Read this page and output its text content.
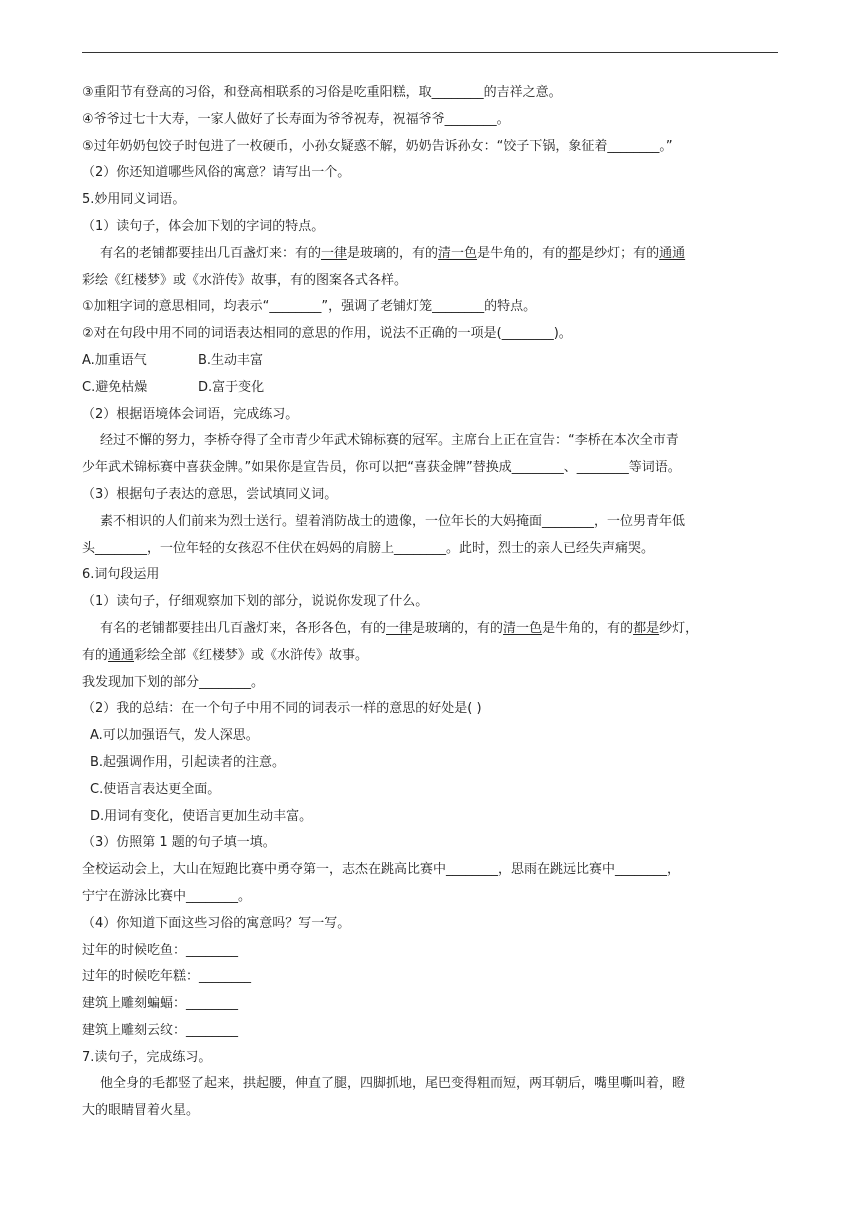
③重阳节有登高的习俗，和登高相联系的习俗是吃重阳糕，取________的吉祥之意。
④爷爷过七十大寿，一家人做好了长寿面为爷爷祝寿，祝福爷爷________。
⑤过年奶奶包饺子时包进了一枚硬币，小孙女疑惑不解，奶奶告诉孙女：“饺子下锅，象征着________。”
（2）你还知道哪些风俗的寓意？请写出一个。
5.妙用同义词语。
（1）读句子，体会加下划的字词的特点。
有名的老铺都要挂出几百盏灯来：有的一律是玻璃的，有的清一色是牛角的，有的都是纱灯；有的通通
彩绘《红楼梦》或《水浒传》故事，有的图案各式各样。
①加粗字词的意思相同，均表示“________”，强调了老铺灯笼________的特点。
②对在句段中用不同的词语表达相同的意思的作用，说法不正确的一项是(________)。
A.加重语气	B.生动丰富
C.避免枯燥	D.富于变化
（2）根据语境体会词语，完成练习。
经过不懈的努力，李桥夺得了全市青少年武术锦标赛的冠军。主席台上正在宣告：“李桥在本次全市青
少年武术锦标赛中喜获金牌。”如果你是宣告员，你可以把“喜获金牌”替换成________、________等词语。
（3）根据句子表达的意思，尝试填同义词。
素不相识的人们前来为烈士送行。望着消防战士的遗像，一位年长的大妈掩面________，一位男青年低
头________，一位年轻的女孩忍不住伏在妈妈的肩膀上________。此时，烈士的亲人已经失声痛哭。
6.词句段运用
（1）读句子，仔细观察加下划的部分，说说你发现了什么。
有名的老铺都要挂出几百盏灯来，各形各色，有的一律是玻璃的，有的清一色是牛角的，有的都是纱灯，
有的通通彩绘全部《红楼梦》或《水浒传》故事。
我发现加下划的部分________。
（2）我的总结：在一个句子中用不同的词表示一样的意思的好处是( )
A.可以加强语气，发人深思。
B.起强调作用，引起读者的注意。
C.使语言表达更全面。
D.用词有变化，使语言更加生动丰富。
（3）仿照第 1 题的句子填一填。
全校运动会上，大山在短跑比赛中勇夺第一，志杰在跳高比赛中________，思雨在跳远比赛中________，
宁宁在游泳比赛中________。
（4）你知道下面这些习俗的寓意吗？写一写。
过年的时候吃鱼：________
过年的时候吃年糕：________
建筑上雕刻蝙蝠：________
建筑上雕刻云纹：________
7.读句子，完成练习。
他全身的毛都竖了起来，拱起腰，伸直了腿，四脚抓地，尾巴变得粗而短，两耳朝后，嘴里嘶叫着，瞪
大的眼睛冒着火星。
